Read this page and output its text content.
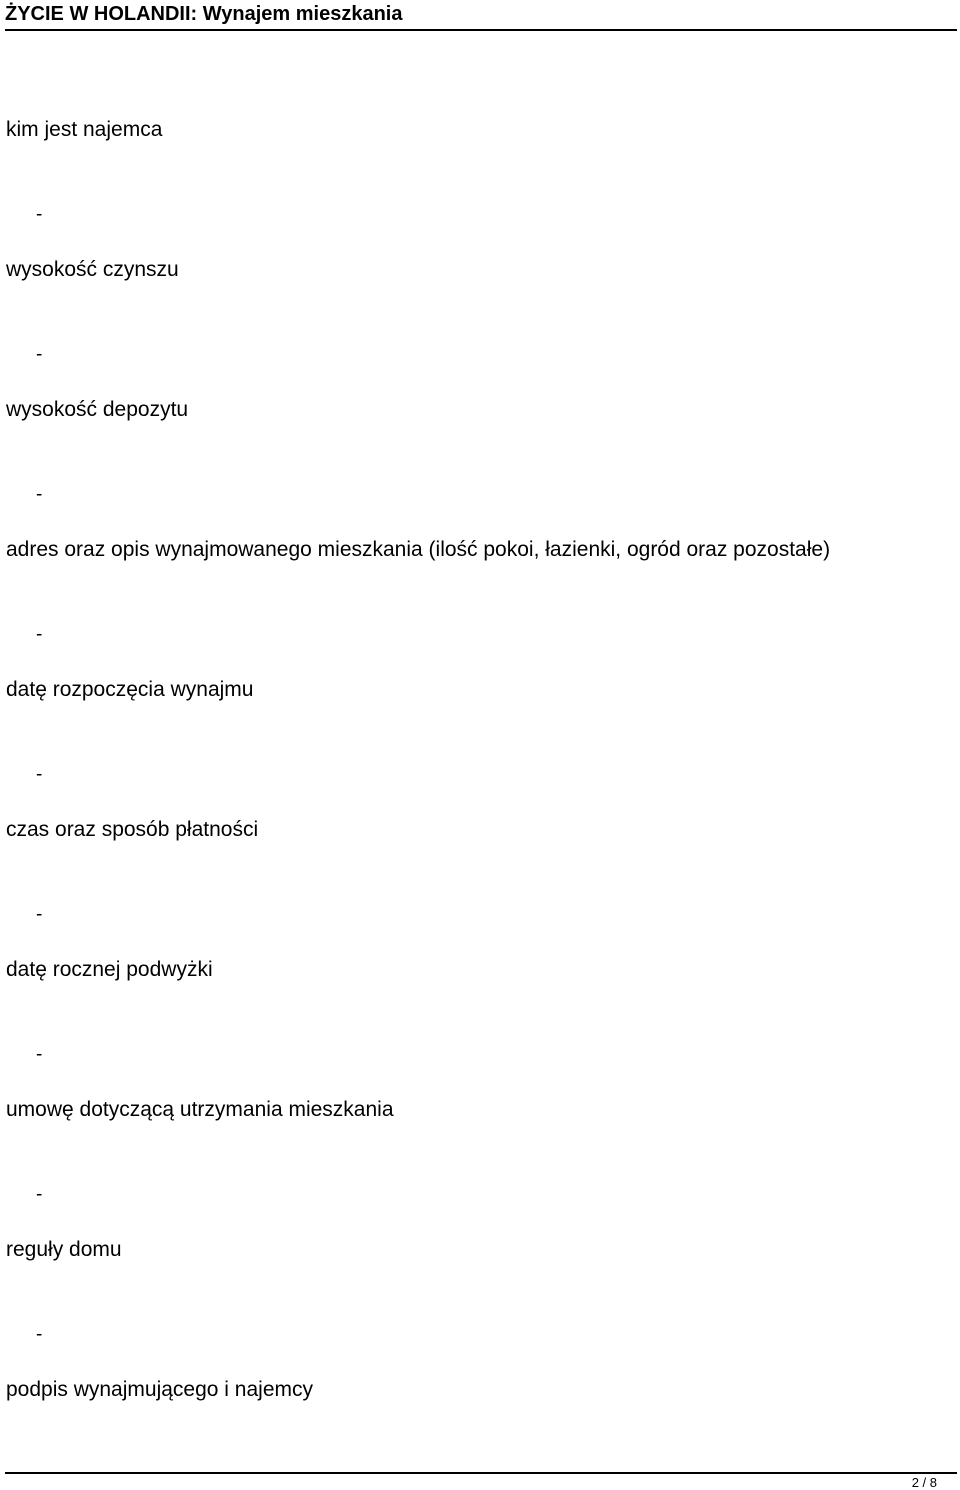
ŻYCIE W HOLANDII: Wynajem mieszkania
kim jest najemca
-
wysokość czynszu
-
wysokość depozytu
-
adres oraz opis wynajmowanego mieszkania (ilość pokoi, łazienki, ogród oraz pozostałe)
-
datę rozpoczęcia wynajmu
-
czas oraz sposób płatności
-
datę rocznej podwyżki
-
umowę dotyczącą utrzymania mieszkania
-
reguły domu
-
podpis wynajmującego i najemcy
2 / 8
